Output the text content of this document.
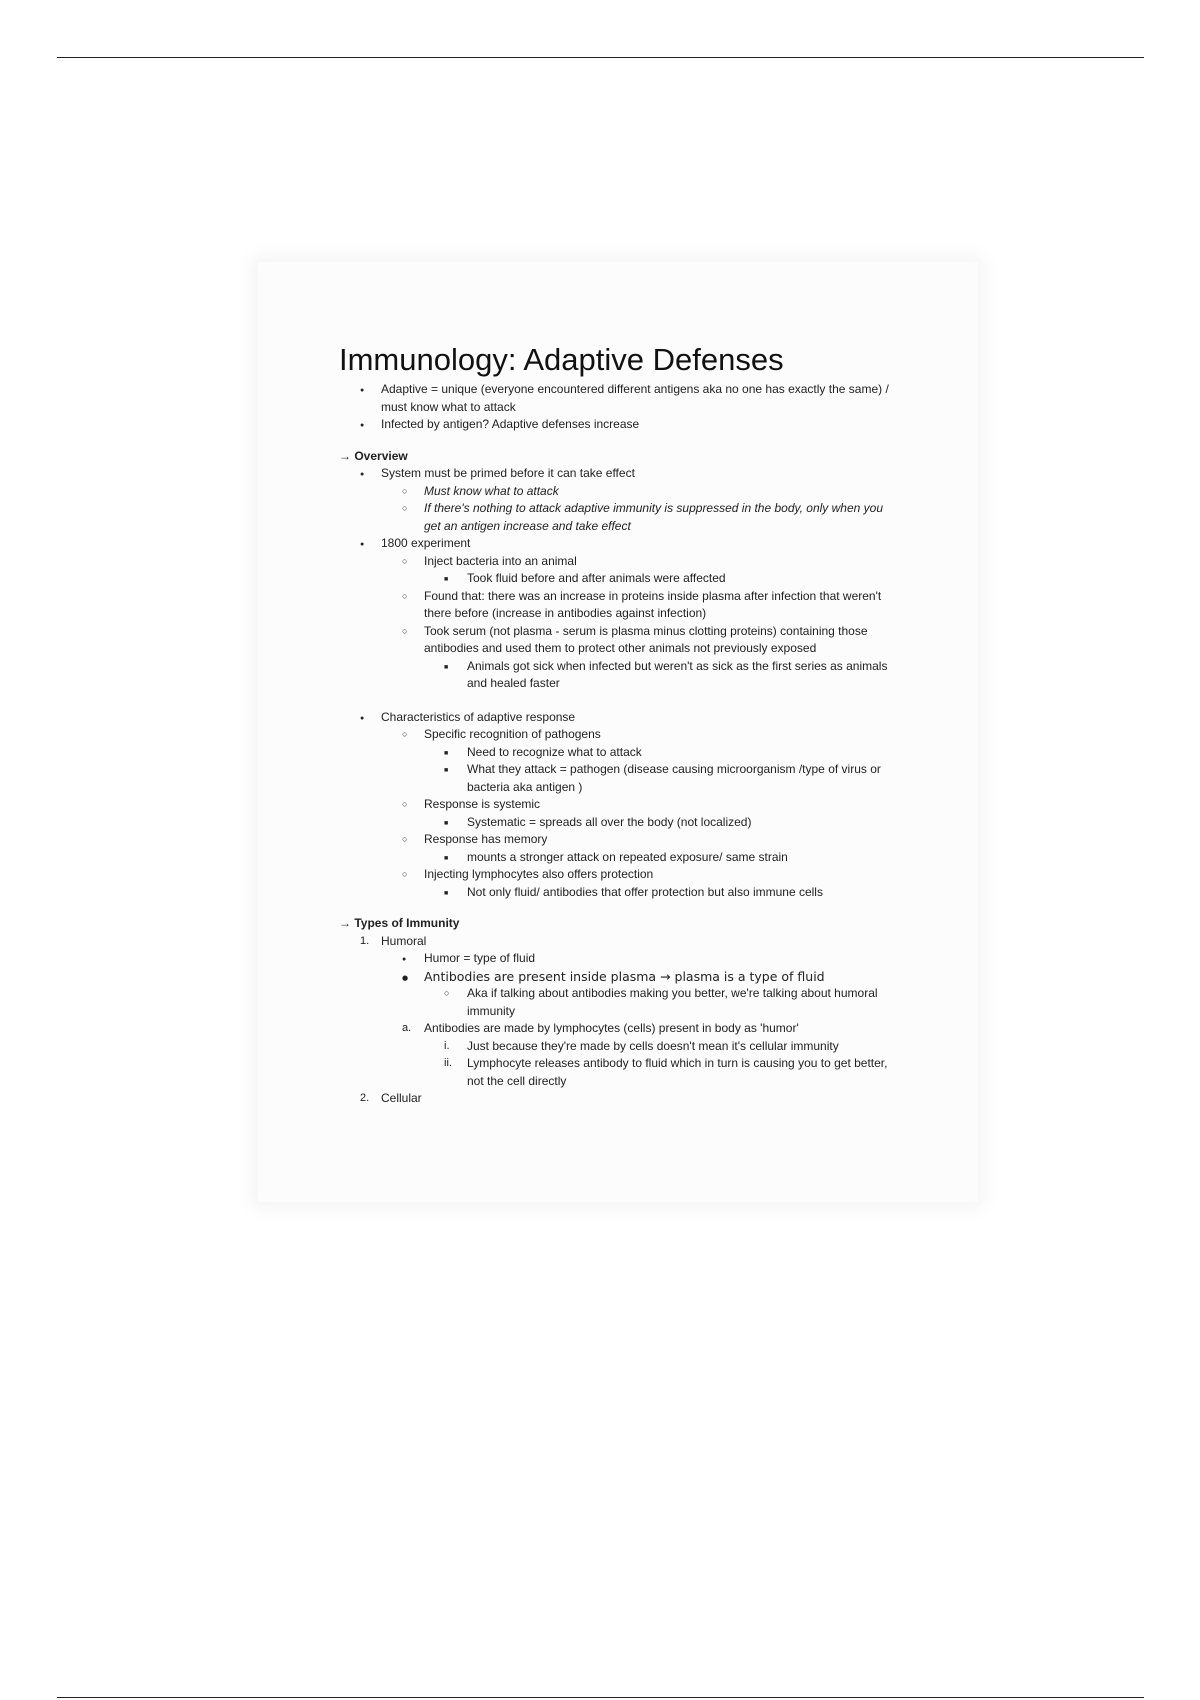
Immunology: Adaptive Defenses
●
Adaptive = unique (everyone encountered different antigens aka no one has exactly the same) / must know what to attack
●
Infected by antigen? Adaptive defenses increase
→ Overview
●
System must be primed before it can take effect
○
Must know what to attack
○
If there's nothing to attack adaptive immunity is suppressed in the body, only when you get an antigen increase and take effect
●
1800 experiment
○
Inject bacteria into an animal
■
Took fluid before and after animals were affected
○
Found that: there was an increase in proteins inside plasma after infection that weren't there before (increase in antibodies against infection)
○
Took serum (not plasma - serum is plasma minus clotting proteins) containing those antibodies and used them to protect other animals not previously exposed
■
Animals got sick when infected but weren't as sick as the first series as animals and healed faster
●
Characteristics of adaptive response
○
Specific recognition of pathogens
■
Need to recognize what to attack
■
What they attack = pathogen (disease causing microorganism /type of virus or bacteria aka antigen )
○
Response is systemic
■
Systematic = spreads all over the body (not localized)
○
Response has memory
■
mounts a stronger attack on repeated exposure/ same strain
○
Injecting lymphocytes also offers protection
■
Not only fluid/ antibodies that offer protection but also immune cells
→ Types of Immunity
1. Humoral
●
Humor = type of fluid
●
Antibodies are present inside plasma → plasma is a type of fluid
○
Aka if talking about antibodies making you better, we're talking about humoral immunity
a. Antibodies are made by lymphocytes (cells) present in body as 'humor'
i. Just because they're made by cells doesn't mean it's cellular immunity
ii. Lymphocyte releases antibody to fluid which in turn is causing you to get better, not the cell directly
2. Cellular
